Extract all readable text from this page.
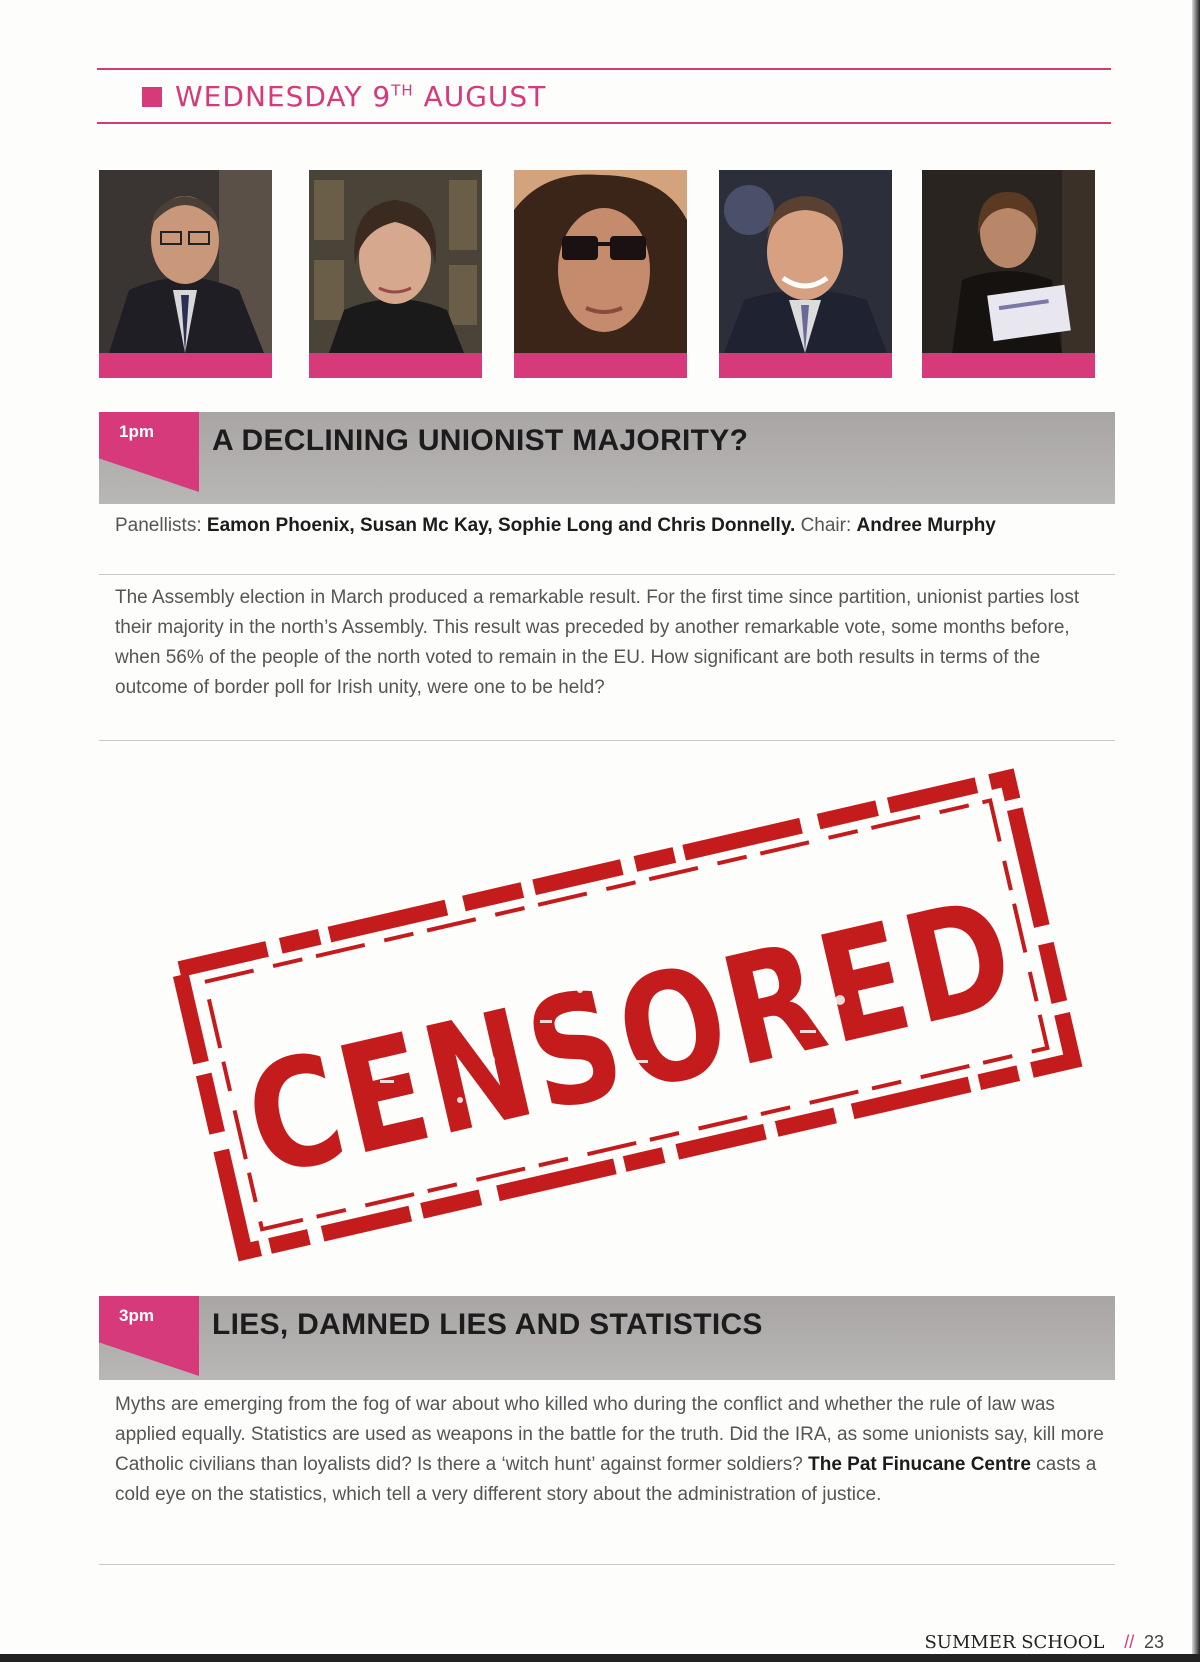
WEDNESDAY 9TH AUGUST
1pm A DECLINING UNIONIST MAJORITY?
Panellists: Eamon Phoenix, Susan Mc Kay, Sophie Long and Chris Donnelly. Chair: Andree Murphy
The Assembly election in March produced a remarkable result. For the first time since partition, unionist parties lost their majority in the north’s Assembly. This result was preceded by another remarkable vote, some months before, when 56% of the people of the north voted to remain in the EU. How significant are both results in terms of the outcome of border poll for Irish unity, were one to be held?
CENSORED
3pm LIES, DAMNED LIES AND STATISTICS
Myths are emerging from the fog of war about who killed who during the conflict and whether the rule of law was applied equally. Statistics are used as weapons in the battle for the truth. Did the IRA, as some unionists say, kill more Catholic civilians than loyalists did? Is there a ‘witch hunt’ against former soldiers? The Pat Finucane Centre casts a cold eye on the statistics, which tell a very different story about the administration of justice.
SUMMER SCHOOL // 23
